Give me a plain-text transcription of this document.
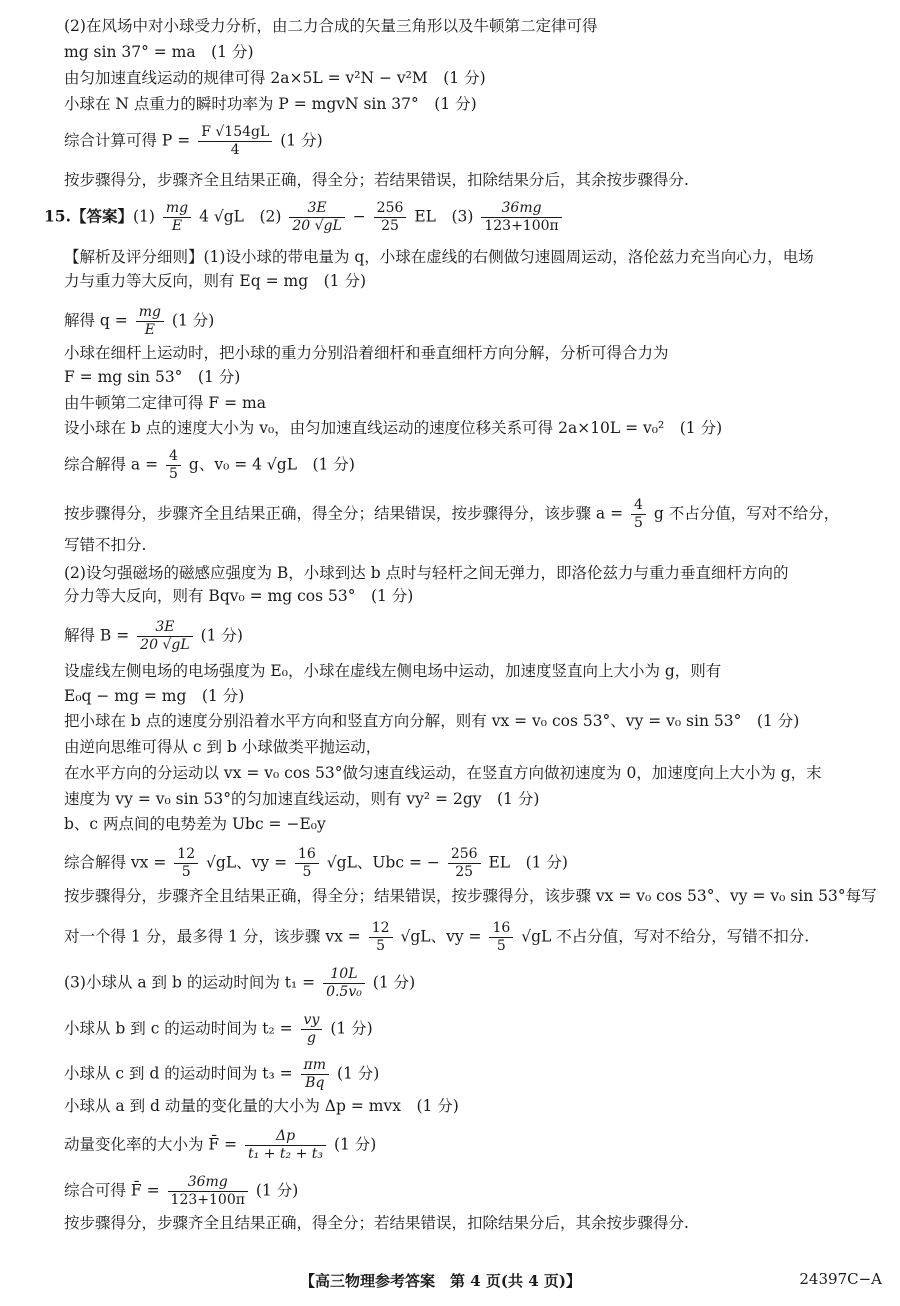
(2)在风场中对小球受力分析，由二力合成的矢量三角形以及牛顿第二定律可得
mg sin 37° = ma　(1 分)
由匀加速直线运动的规律可得 2a×5L = v²N − v²M　(1 分)
小球在 N 点重力的瞬时功率为 P = mgvN sin 37°　(1 分)
综合计算可得 $P = \frac{F √154gL}{4} (1$ 分)
按步骤得分，步骤齐全且结果正确，得全分；若结果错误，扣除结果分后，其余按步骤得分.
15.【答案】$(1) \frac{mg}{E} 4$ √gL　$(2) \frac{3E}{20 √gL} - \frac{256}{25}$ EL　$(3) \frac{36mg}{123+100\pi}$
【解析及评分细则】(1)设小球的带电量为 q，小球在虚线的右侧做匀速圆周运动，洛伦兹力充当向心力，电场
力与重力等大反向，则有 Eq = mg　(1 分)
解得 $q = \frac{mg}{E} (1$ 分)
小球在细杆上运动时，把小球的重力分别沿着细杆和垂直细杆方向分解，分析可得合力为
F = mg sin 53°　(1 分)
由牛顿第二定律可得 F = ma
设小球在 b 点的速度大小为 v₀，由匀加速直线运动的速度位移关系可得 2a×10L = v₀²　(1 分)
综合解得 $a = \frac{4}{5}$ g、v₀ = 4 √gL　(1 分)
按步骤得分，步骤齐全且结果正确，得全分；结果错误，按步骤得分，该步骤 $a = \frac{4}{5}$ g 不占分值，写对不给分，
写错不扣分.
(2)设匀强磁场的磁感应强度为 B，小球到达 b 点时与轻杆之间无弹力，即洛伦兹力与重力垂直细杆方向的
分力等大反向，则有 Bqv₀ = mg cos 53°　(1 分)
解得 $B = \frac{3E}{20 √gL} (1$ 分)
设虚线左侧电场的电场强度为 E₀，小球在虚线左侧电场中运动，加速度竖直向上大小为 g，则有
E₀q − mg = mg　(1 分)
把小球在 b 点的速度分别沿着水平方向和竖直方向分解，则有 vx = v₀ cos 53°、vy = v₀ sin 53°　(1 分)
由逆向思维可得从 c 到 b 小球做类平抛运动，
在水平方向的分运动以 vx = v₀ cos 53°做匀速直线运动，在竖直方向做初速度为 0，加速度向上大小为 g，末
速度为 vy = v₀ sin 53°的匀加速直线运动，则有 vy² = 2gy　(1 分)
b、c 两点间的电势差为 Ubc = −E₀y
综合解得 vx = $\frac{12}{5} √gL$、vy = $\frac{16}{5} √gL$、Ubc = − $\frac{256}{25}$ EL　(1 分)
按步骤得分，步骤齐全且结果正确，得全分；结果错误，按步骤得分，该步骤 vx = v₀ cos 53°、vy = v₀ sin 53°每写
对一个得 1 分，最多得 1 分，该步骤 vx = $\frac{12}{5} √gL$、vy = $\frac{16}{5} √gL$ 不占分值，写对不给分，写错不扣分.
(3)小球从 a 到 b 的运动时间为 $t_1 = \frac{10L}{\text{0.5v₀}} (1$ 分)
小球从 b 到 c 的运动时间为 $t_2 = \frac{vy}{g} (1$ 分)
小球从 c 到 d 的运动时间为 $t_3 = \frac{\pi m}{Bq} (1$ 分)
小球从 a 到 d 动量的变化量的大小为 Δp = mvx　(1 分)
动量变化率的大小为 F̄ = $\frac{\Delta p}{\text{t₁ + t₂ + t₃}} (1$ 分)
综合可得 F̄ = $\frac{36mg}{123+100\pi} (1$ 分)
按步骤得分，步骤齐全且结果正确，得全分；若结果错误，扣除结果分后，其余按步骤得分.
【高三物理参考答案　第 4 页(共 4 页)】	24397C−A
